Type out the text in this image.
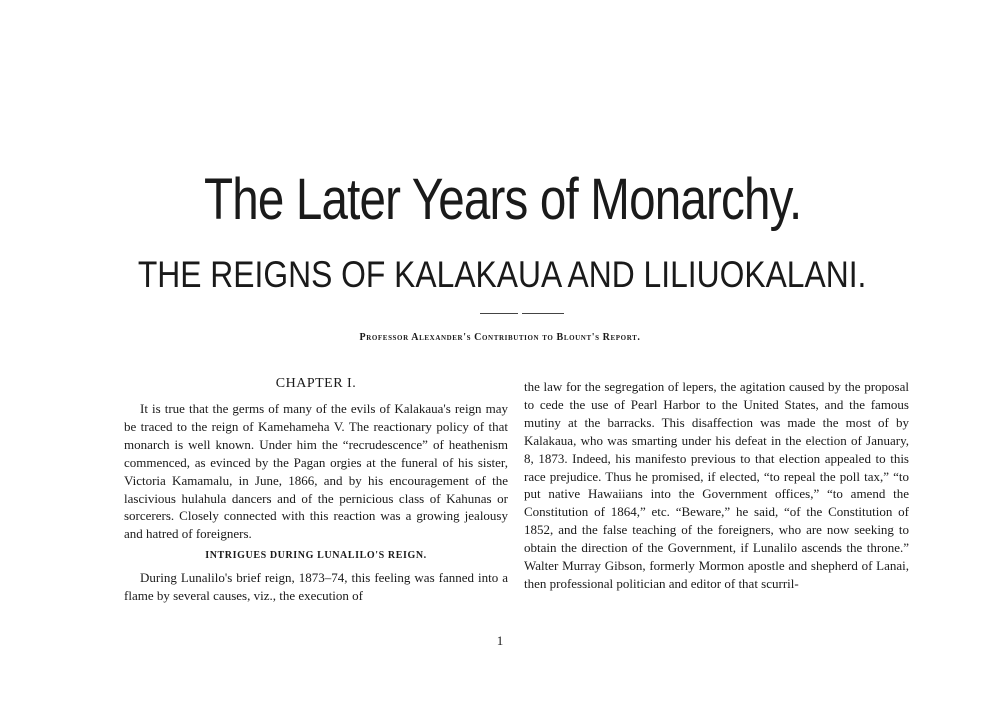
The Later Years of Monarchy.
THE REIGNS OF KALAKAUA AND LILIUOKALANI.
Professor Alexander's Contribution to Blount's Report.
CHAPTER I.

It is true that the germs of many of the evils of Kalakaua's reign may be traced to the reign of Kamehameha V. The reactionary policy of that monarch is well known. Under him the “recrudescence” of heathenism commenced, as evinced by the Pagan orgies at the funeral of his sister, Victoria Kamamalu, in June, 1866, and by his encouragement of the lascivious hulahula dancers and of the pernicious class of Kahunas or sorcerers. Closely connected with this reaction was a growing jealousy and hatred of foreigners.

INTRIGUES DURING LUNALILO'S REIGN.

During Lunalilo's brief reign, 1873–74, this feeling was fanned into a flame by several causes, viz., the execution of

the law for the segregation of lepers, the agitation caused by the proposal to cede the use of Pearl Harbor to the United States, and the famous mutiny at the barracks. This disaffection was made the most of by Kalakaua, who was smarting under his defeat in the election of January, 8, 1873. Indeed, his manifesto previous to that election appealed to this race prejudice. Thus he promised, if elected, “to repeal the poll tax,” “to put native Hawaiians into the Government offices,” “to amend the Constitution of 1864,” etc. “Beware,” he said, “of the Constitution of 1852, and the false teaching of the foreigners, who are now seeking to obtain the direction of the Government, if Lunalilo ascends the throne.” Walter Murray Gibson, formerly Mormon apostle and shepherd of Lanai, then professional politician and editor of that scurril-

1
